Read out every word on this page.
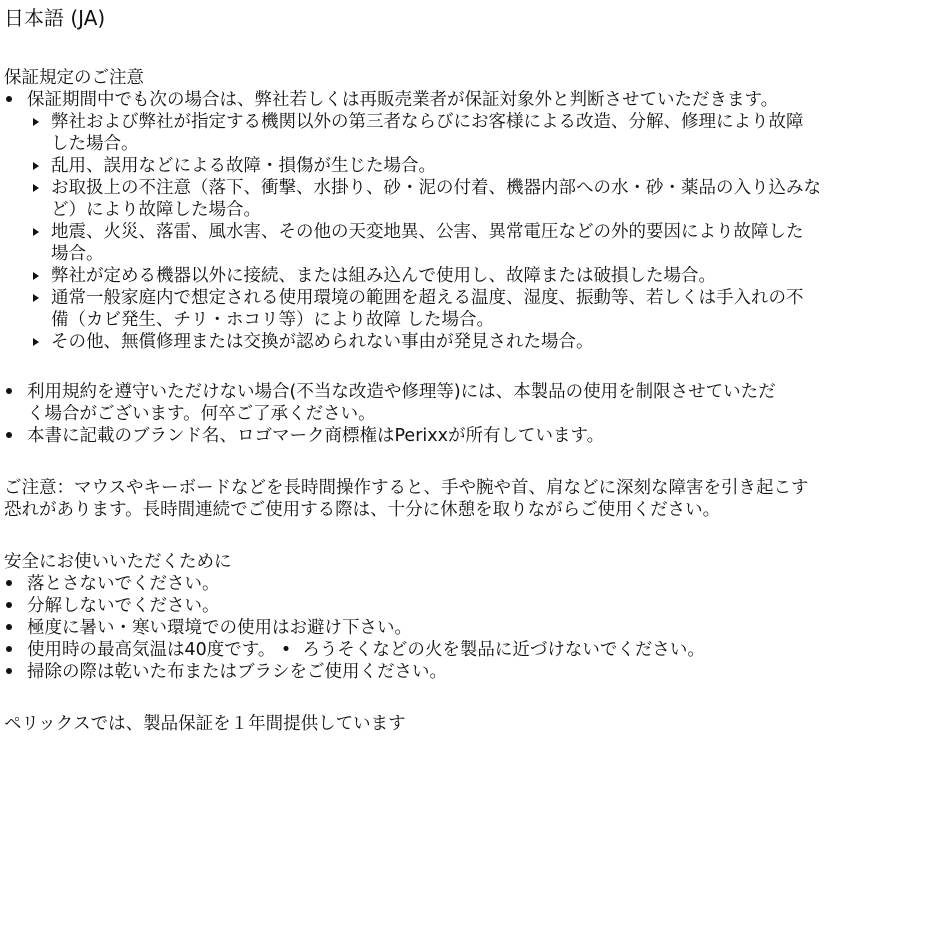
日本語 (JA)
保証規定のご注意
保証期間中でも次の場合は、弊社若しくは再販売業者が保証対象外と判断させていただきます。
弊社および弊社が指定する機関以外の第三者ならびにお客様による改造、分解、修理により故障
した場合。
乱用、誤用などによる故障・損傷が生じた場合。
お取扱上の不注意（落下、衝撃、水掛り、砂・泥の付着、機器内部への水・砂・薬品の入り込みな
ど）により故障した場合。
地震、火災、落雷、風水害、その他の天変地異、公害、異常電圧などの外的要因により故障した
場合。
弊社が定める機器以外に接続、または組み込んで使用し、故障または破損した場合。
通常一般家庭内で想定される使用環境の範囲を超える温度、湿度、振動等、若しくは手入れの不
備（カビ発生、チリ・ホコリ等）により故障 した場合。
その他、無償修理または交換が認められない事由が発見された場合。
利用規約を遵守いただけない場合(不当な改造や修理等)には、本製品の使用を制限させていただ
く場合がございます。何卒ご了承ください。
本書に記載のブランド名、ロゴマーク商標権はPerixxが所有しています。
ご注意：マウスやキーボードなどを長時間操作すると、手や腕や首、肩などに深刻な障害を引き起こす
恐れがあります。長時間連続でご使用する際は、十分に休憩を取りながらご使用ください。
安全にお使いいただくために
落とさないでください。
分解しないでください。
極度に暑い・寒い環境での使用はお避け下さい。
使用時の最高気温は40度です。 •  ろうそくなどの火を製品に近づけないでください。
掃除の際は乾いた布またはブラシをご使用ください。
ペリックスでは、製品保証を１年間提供しています
